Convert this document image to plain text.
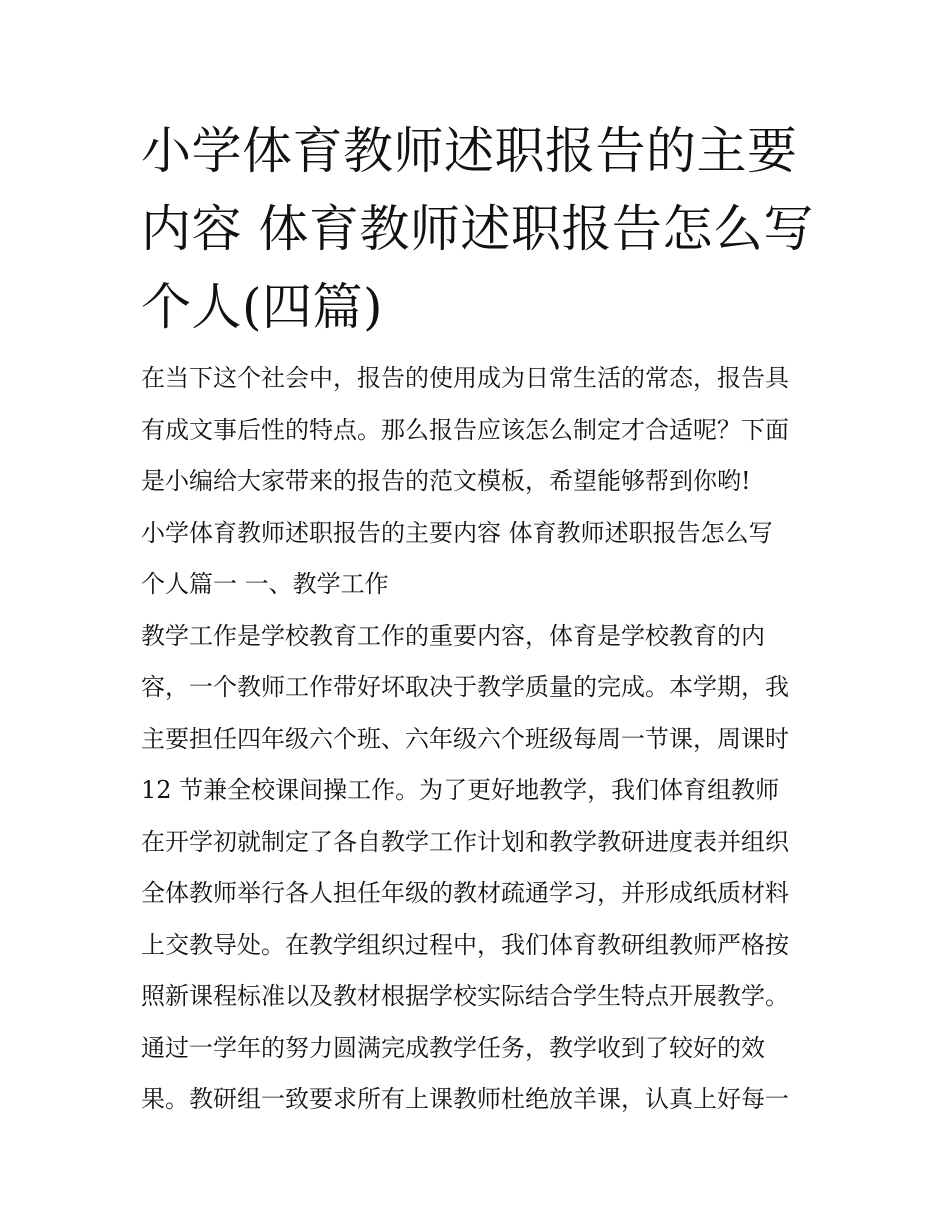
小学体育教师述职报告的主要
内容 体育教师述职报告怎么写
个人(四篇)
在当下这个社会中，报告的使用成为日常生活的常态，报告具
有成文事后性的特点。那么报告应该怎么制定才合适呢？下面
是小编给大家带来的报告的范文模板，希望能够帮到你哟!
小学体育教师述职报告的主要内容 体育教师述职报告怎么写
个人篇一 一、教学工作
教学工作是学校教育工作的重要内容，体育是学校教育的内
容，一个教师工作带好坏取决于教学质量的完成。本学期，我
主要担任四年级六个班、六年级六个班级每周一节课，周课时
12 节兼全校课间操工作。为了更好地教学，我们体育组教师
在开学初就制定了各自教学工作计划和教学教研进度表并组织
全体教师举行各人担任年级的教材疏通学习，并形成纸质材料
上交教导处。在教学组织过程中，我们体育教研组教师严格按
照新课程标准以及教材根据学校实际结合学生特点开展教学。
通过一学年的努力圆满完成教学任务，教学收到了较好的效
果。教研组一致要求所有上课教师杜绝放羊课，认真上好每一
